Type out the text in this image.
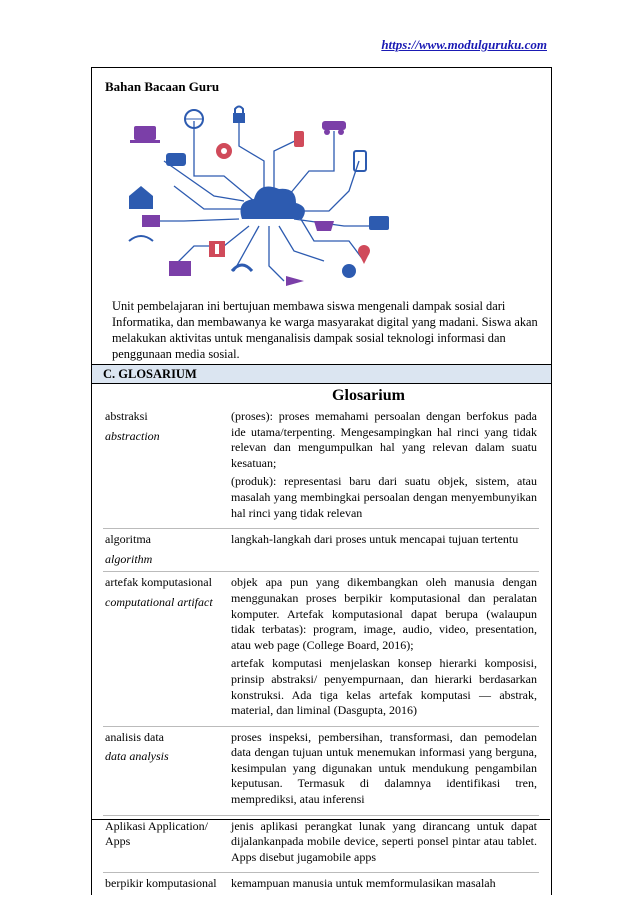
https://www.modulguruku.com
Bahan Bacaan Guru
Unit pembelajaran ini bertujuan membawa siswa mengenali dampak sosial dari Informatika, dan membawanya ke warga masyarakat digital yang madani. Siswa akan melakukan aktivitas untuk menganalisis dampak sosial teknologi informasi dan penggunaan media sosial.
C. GLOSARIUM
Glosarium
abstraksi
abstraction

(proses): proses memahami persoalan dengan berfokus pada ide utama/terpenting. Mengesampingkan hal rinci yang tidak relevan dan mengumpulkan hal yang relevan dalam suatu kesatuan;

(produk): representasi baru dari suatu objek, sistem, atau masalah yang membingkai persoalan dengan menyembunyikan hal rinci yang tidak relevan

algoritma
algorithm

langkah-langkah dari proses untuk mencapai tujuan tertentu

artefak komputasional
computational artifact

objek apa pun yang dikembangkan oleh manusia dengan menggunakan proses berpikir komputasional dan peralatan komputer. Artefak komputasional dapat berupa (walaupun tidak terbatas): program, image, audio, video, presentation, atau web page (College Board, 2016);

artefak komputasi menjelaskan konsep hierarki komposisi, prinsip abstraksi/ penyempurnaan, dan hierarki berdasarkan konstruksi. Ada tiga kelas artefak komputasi — abstrak, material, dan liminal (Dasgupta, 2016)

analisis data
data analysis

proses inspeksi, pembersihan, transformasi, dan pemodelan data dengan tujuan untuk menemukan informasi yang berguna, kesimpulan yang digunakan untuk mendukung pengambilan keputusan. Termasuk di dalamnya identifikasi tren, memprediksi, atau inferensi

Aplikasi Application/ Apps

jenis aplikasi perangkat lunak yang dirancang untuk dapat dijalankanpada mobile device, seperti ponsel pintar atau tablet. Apps disebut jugamobile apps

berpikir komputasional	kemampuan manusia untuk memformulasikan masalah
